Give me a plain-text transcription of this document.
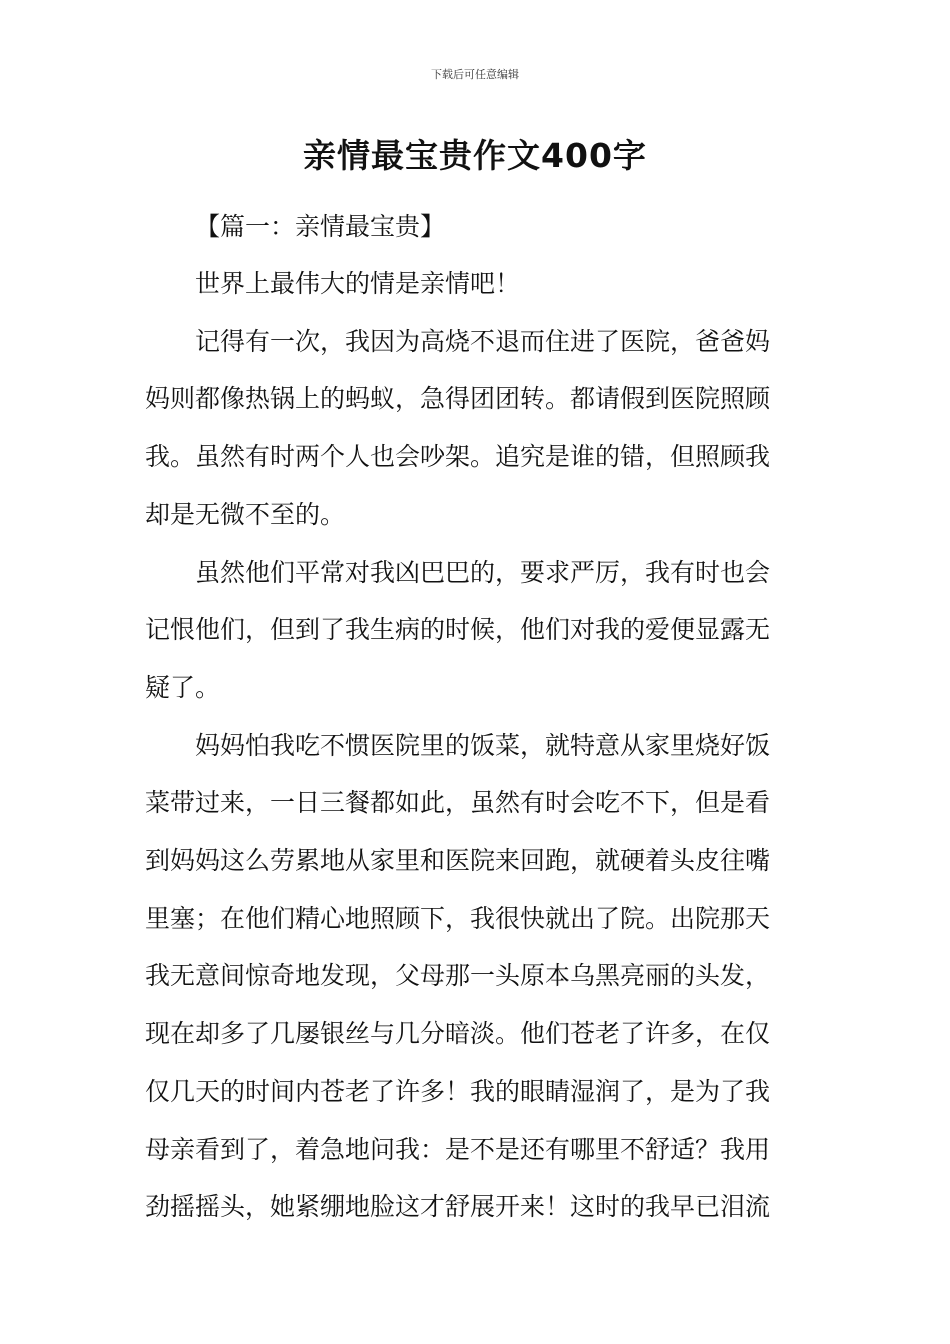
下载后可任意编辑
亲情最宝贵作文400字
【篇一：亲情最宝贵】

世界上最伟大的情是亲情吧！

记得有一次，我因为高烧不退而住进了医院，爸爸妈
妈则都像热锅上的蚂蚁，急得团团转。都请假到医院照顾
我。虽然有时两个人也会吵架。追究是谁的错，但照顾我
却是无微不至的。

虽然他们平常对我凶巴巴的，要求严厉，我有时也会
记恨他们，但到了我生病的时候，他们对我的爱便显露无
疑了。

妈妈怕我吃不惯医院里的饭菜，就特意从家里烧好饭
菜带过来，一日三餐都如此，虽然有时会吃不下，但是看
到妈妈这么劳累地从家里和医院来回跑，就硬着头皮往嘴
里塞；在他们精心地照顾下，我很快就出了院。出院那天
我无意间惊奇地发现，父母那一头原本乌黑亮丽的头发，
现在却多了几屡银丝与几分暗淡。他们苍老了许多，在仅
仅几天的时间内苍老了许多！我的眼睛湿润了，是为了我
母亲看到了，着急地问我：是不是还有哪里不舒适？我用
劲摇摇头，她紧绷地脸这才舒展开来！这时的我早已泪流
